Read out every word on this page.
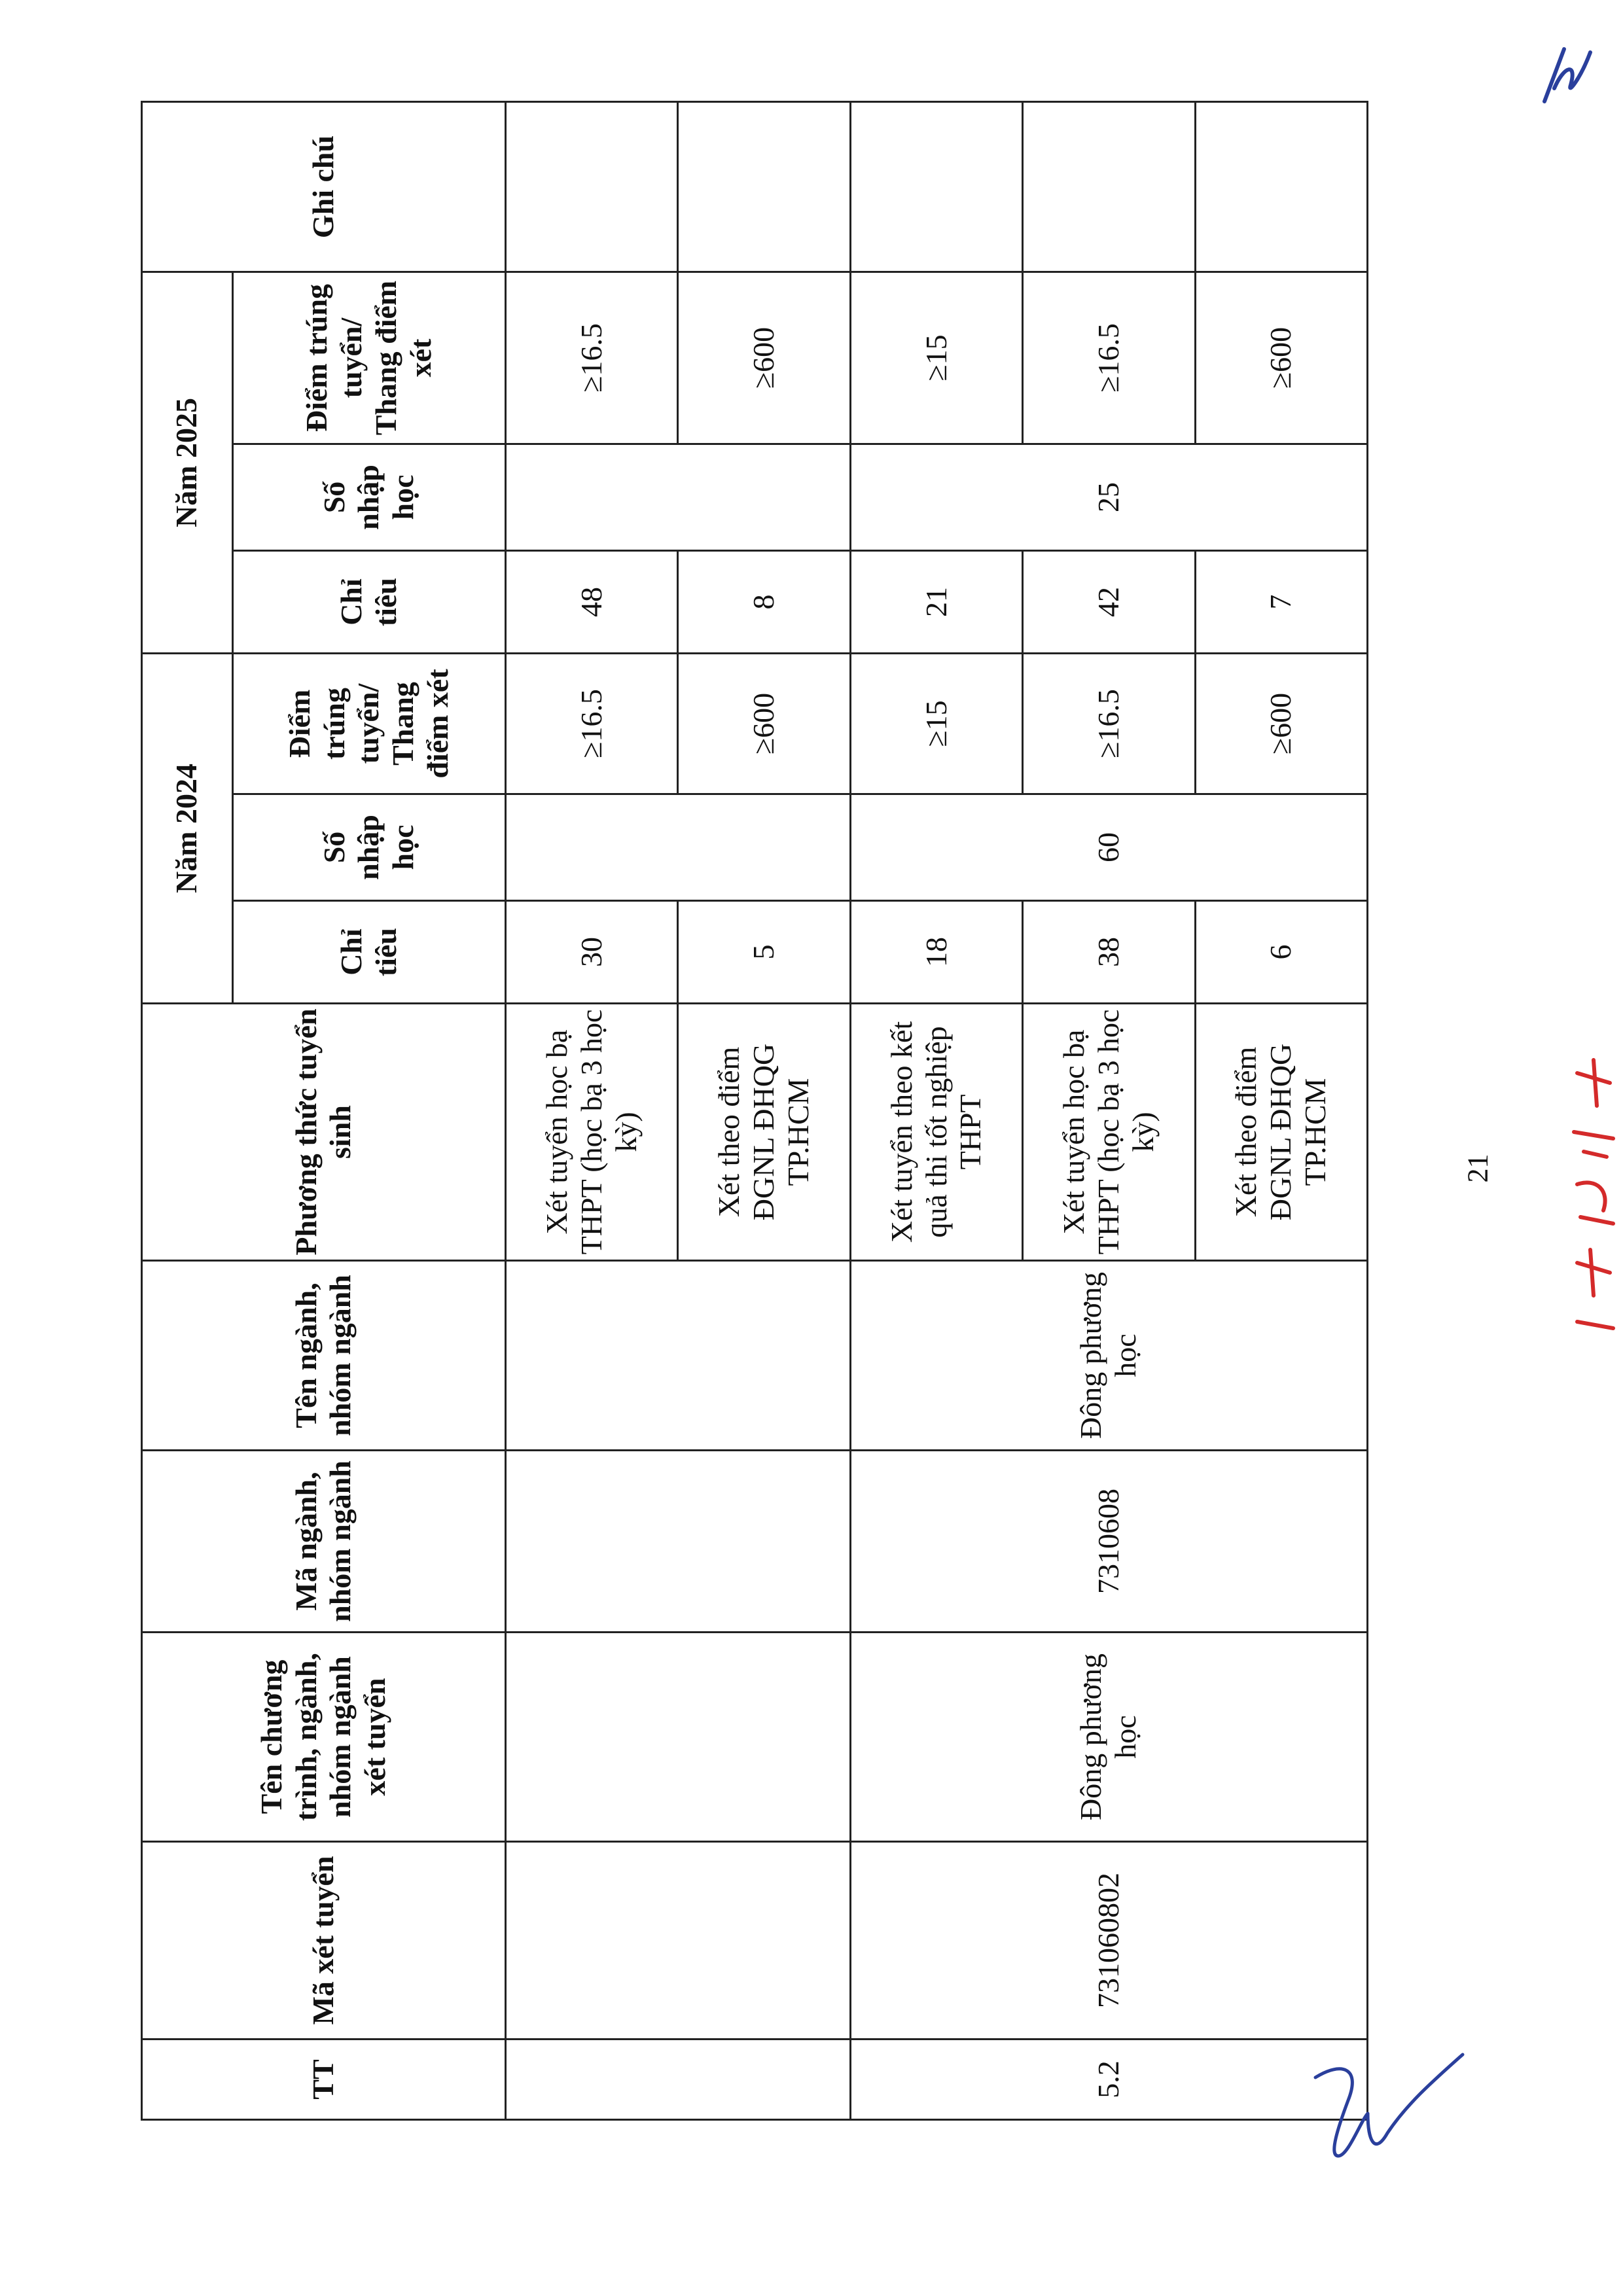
TT	Mã xét tuyển	Tên chương trình, ngành, nhóm ngành xét tuyển	Mã ngành, nhóm ngành	Tên ngành, nhóm ngành	Phương thức tuyển sinh	Năm 2024			Năm 2025			Ghi chú
						Chỉ tiêu	Số nhập học	Điểm trúng tuyển/ Thang điểm xét	Chỉ tiêu	Số nhập học	Điểm trúng tuyển/ Thang điểm xét	
					Xét tuyển học bạ THPT (học bạ 3 học kỳ)	30		≥16.5	48		≥16.5	
					Xét theo điểm ĐGNL ĐHQG TP.HCM	5		≥600	8		≥600	
5.2	731060802	Đông phương học	7310608	Đông phương học	Xét tuyển theo kết quả thi tốt nghiệp THPT	18	60	≥15	21	25	≥15	
					Xét tuyển học bạ THPT (học bạ 3 học kỳ)	38		≥16.5	42		≥16.5	
					Xét theo điểm ĐGNL ĐHQG TP.HCM	6		≥600	7		≥600	
21
